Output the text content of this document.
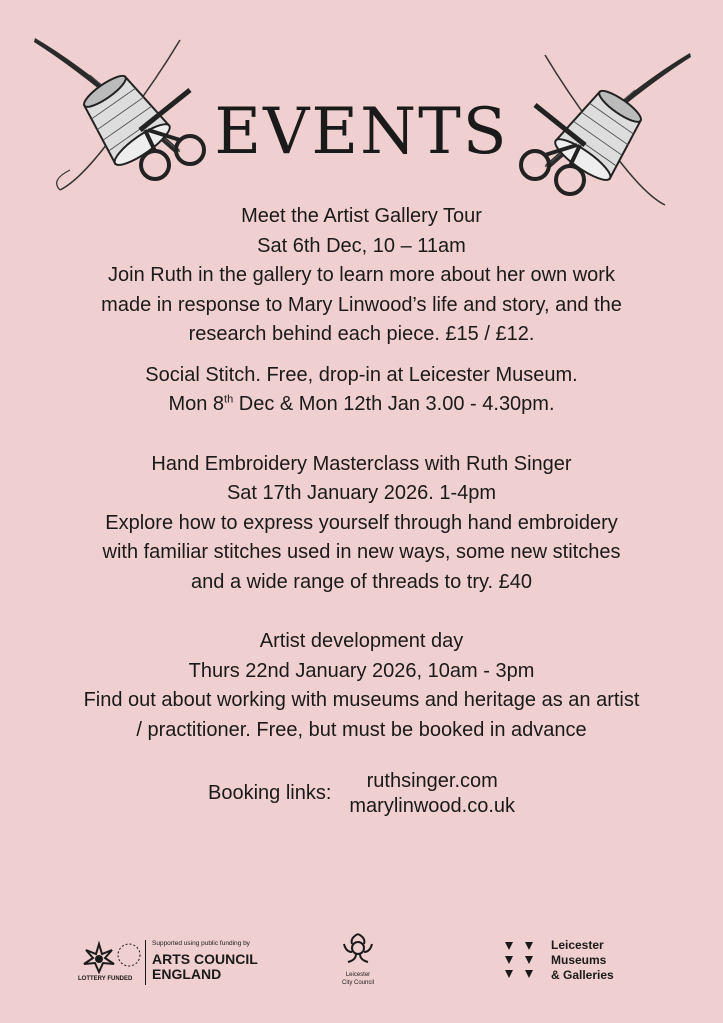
EVENTS

Meet the Artist Gallery Tour

Sat 6th Dec, 10 – 11am

Join Ruth in the gallery to learn more about her own work

made in response to Mary Linwood’s life and story, and the

research behind each piece. £15 / £12.

Social Stitch. Free, drop-in at Leicester Museum.

Mon 8th Dec & Mon 12th Jan 3.00 - 4.30pm.

Hand Embroidery Masterclass with Ruth Singer

Sat 17th January 2026. 1-4pm

Explore how to express yourself through hand embroidery

with familiar stitches used in new ways, some new stitches

and a wide range of threads to try. £40

Artist development day

Thurs 22nd January 2026, 10am - 3pm

Find out about working with museums and heritage as an artist

/ practitioner. Free, but must be booked in advance

Booking links:
ruthsinger.com
marylinwood.co.uk
Supported using public funding by
ARTS COUNCIL
ENGLAND
LOTTERY FUNDED
Leicester
City Council
Leicester
Museums
& Galleries
